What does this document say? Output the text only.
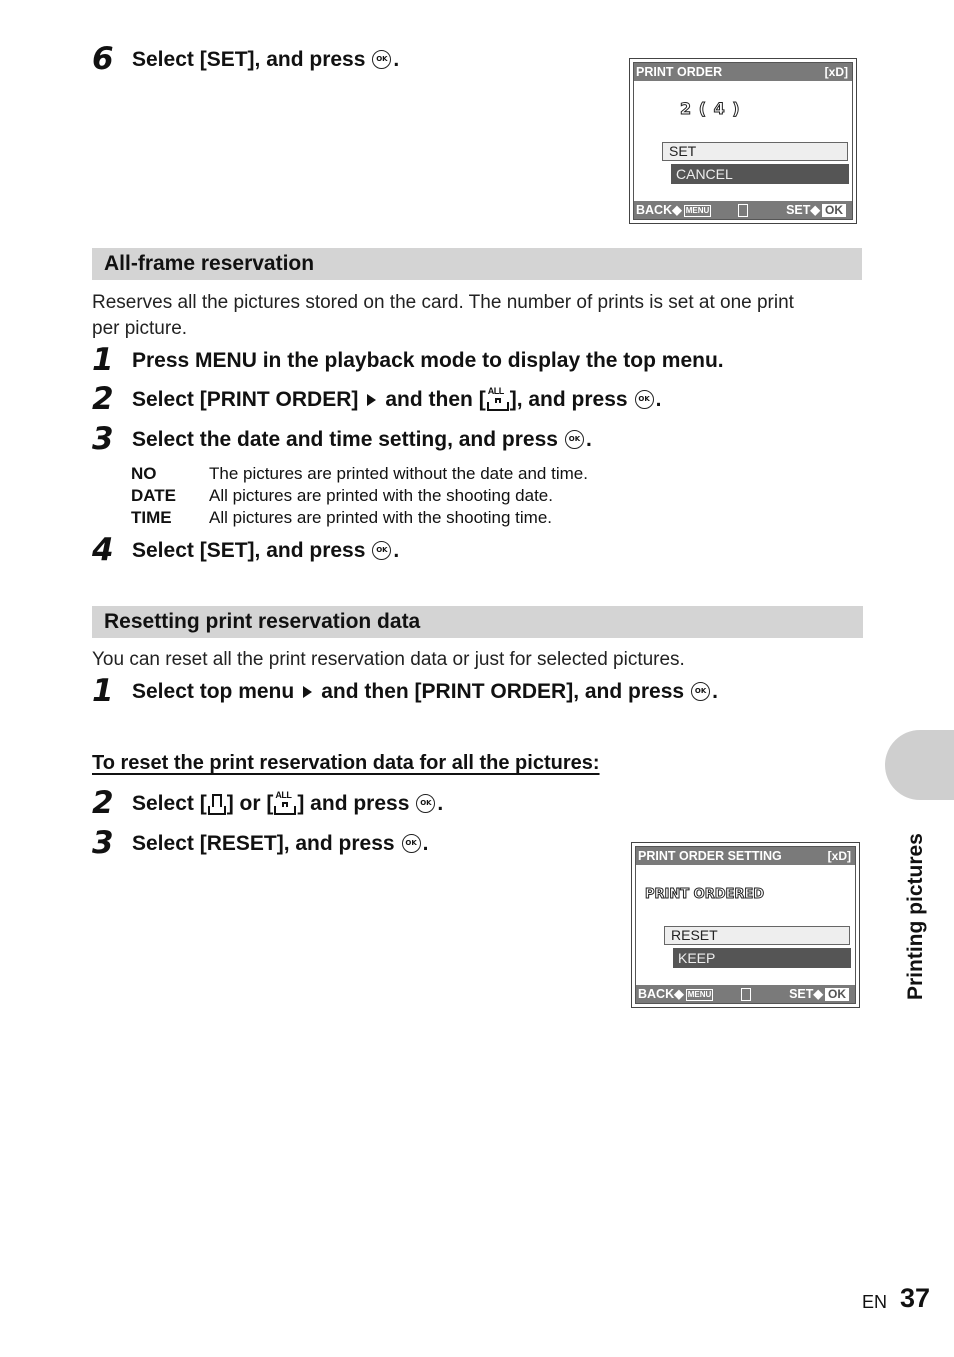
6 Select [SET], and press	OK .
PRINT ORDER	[xD]
2 ( 4 )
SET
CANCEL
BACK◆ MENU	SET◆ OK
All-frame reservation
Reserves all the pictures stored on the card. The number of prints is set at one print
per picture.
1 Press MENU in the playback mode to display the top menu.
2 Select [PRINT ORDER] and then [ ALL ], and press	OK .
3 Select the date and time setting, and press	OK .
NO	The pictures are printed without the date and time.
DATE	All pictures are printed with the shooting date.
TIME	All pictures are printed with the shooting time.
4 Select [SET], and press	OK .
Resetting print reservation data
You can reset all the print reservation data or just for selected pictures.
1 Select top menu and then [PRINT ORDER], and press	OK .
To reset the print reservation data for all the pictures:
2 Select [ ] or [ ALL ] and press	OK .
3 Select [RESET], and press	OK .
PRINT ORDER SETTING	[xD]
PRINT ORDERED
RESET
KEEP
BACK◆ MENU	SET◆ OK	Printing pictures
EN 37
